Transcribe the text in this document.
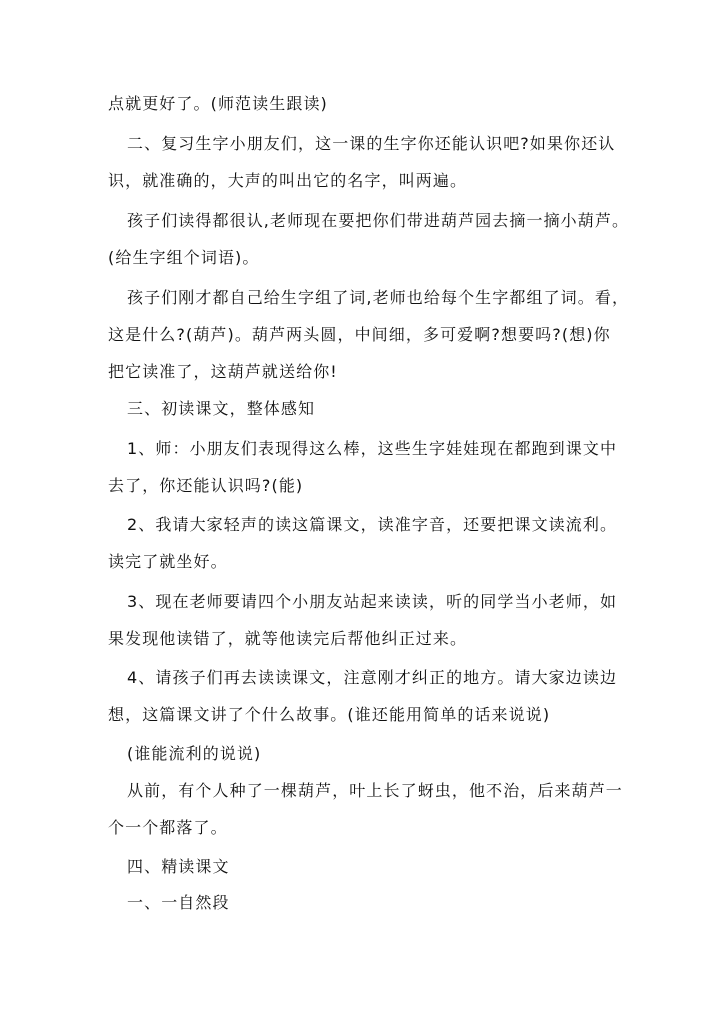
点就更好了。(师范读生跟读)
二、复习生字小朋友们，这一课的生字你还能认识吧?如果你还认
识，就准确的，大声的叫出它的名字，叫两遍。
孩子们读得都很认,老师现在要把你们带进葫芦园去摘一摘小葫芦。
(给生字组个词语)。
孩子们刚才都自己给生字组了词,老师也给每个生字都组了词。看，
这是什么?(葫芦)。葫芦两头圆，中间细，多可爱啊?想要吗?(想)你
把它读准了，这葫芦就送给你!
三、初读课文，整体感知
1、师：小朋友们表现得这么棒，这些生字娃娃现在都跑到课文中
去了，你还能认识吗?(能)
2、我请大家轻声的读这篇课文，读准字音，还要把课文读流利。
读完了就坐好。
3、现在老师要请四个小朋友站起来读读，听的同学当小老师，如
果发现他读错了，就等他读完后帮他纠正过来。
4、请孩子们再去读读课文，注意刚才纠正的地方。请大家边读边
想，这篇课文讲了个什么故事。(谁还能用简单的话来说说)
(谁能流利的说说)
从前，有个人种了一棵葫芦，叶上长了蚜虫，他不治，后来葫芦一
个一个都落了。
四、精读课文
一、一自然段
